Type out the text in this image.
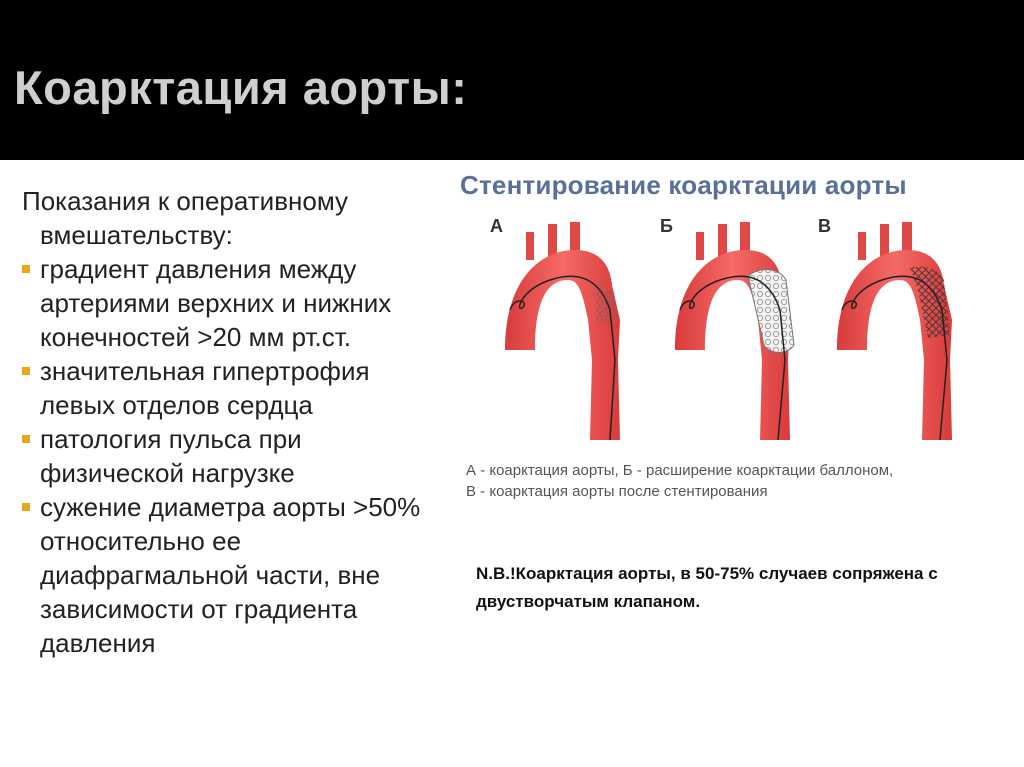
Коарктация аорты:
Показания к оперативному
вмешательству:
градиент давления между артериями верхних и нижних конечностей >20 мм рт.ст.
значительная гипертрофия левых отделов сердца
патология пульса при физической нагрузке
сужение диаметра аорты >50% относительно ее диафрагмальной части, вне зависимости от градиента давления
Стентирование коарктации аорты
А	Б	В
А - коарктация аорты, Б - расширение коарктации баллоном,
В - коарктация аорты после стентирования
N.B.!Коарктация аорты, в 50-75% случаев сопряжена с двустворчатым клапаном.
